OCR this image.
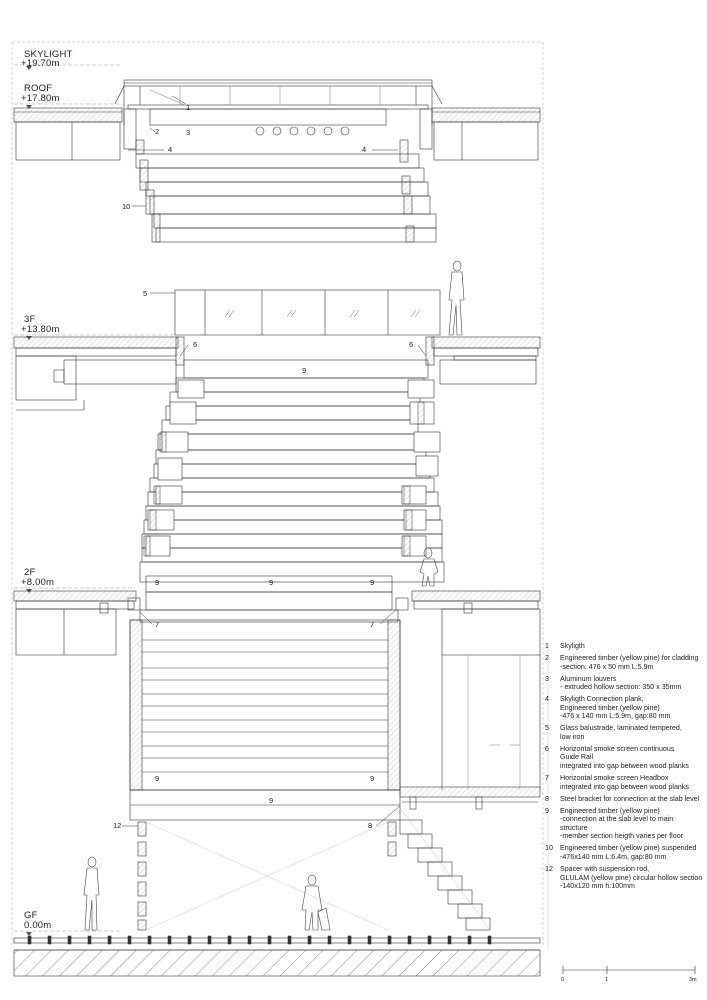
1
2	3
4	4
10
5
6	6
9
9	9	9
7	7
9	9
9
12	8
SKYLIGHT
+19.70m
ROOF
+17.80m
3F
+13.80m
2F
+8.00m
GF
0.00m
1	Skyligth
2	Engineered timber (yellow pine) for cladding
-section: 476 x 50 mm L:5.9m
3	Aluminum louvers
- extruded hollow section: 350 x 35mm
4	Skyligth Connection plank,
Engineered timber (yellow pine)
-476 x 140 mm L:5.9m, gap:80 mm
5	Glass balustrade, laminated tempered,
low iron
6	Horizontal smoke screen continuous
Guide Rail
integrated into gap between wood planks
7	Horizontal smoke screen Headbox
integrated into gap between wood planks
8	Steel bracket for connection at the slab level
9	Engineered timber (yellow pine)
-connection at the slab level to main
structure
-member section heigth varies per floor
10	Engineered timber (yellow pine) suspended
-476x140 mm L:6.4m, gap:80 mm
12	Spacer with suspension rod,
GLULAM (yellow pine) circular hollow section
-140x120 mm h:100mm
0	1	3m
